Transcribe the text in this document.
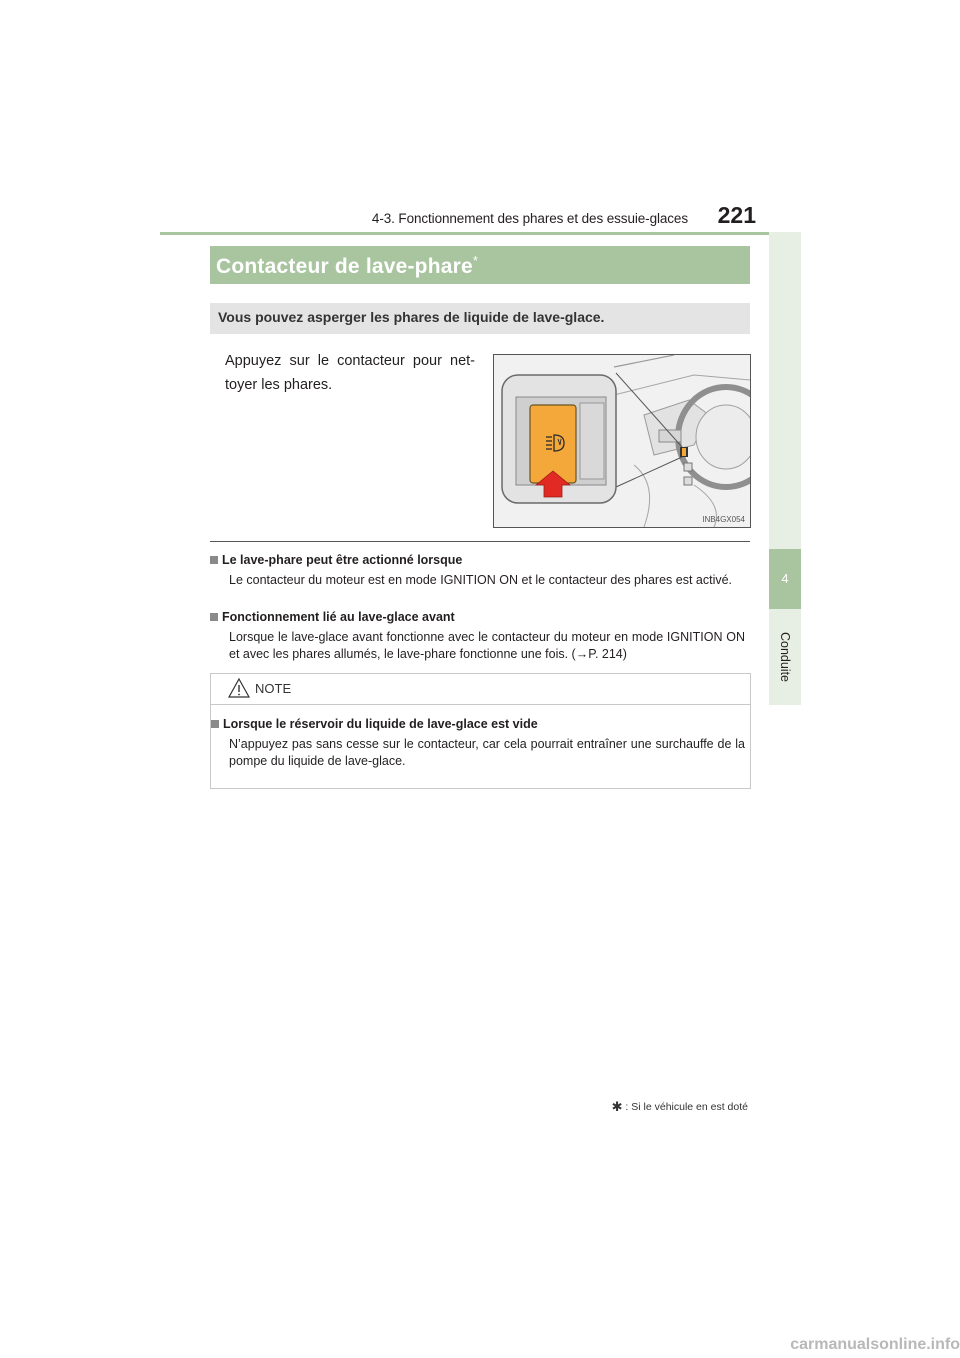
4-3. Fonctionnement des phares et des essuie-glaces 221
4
Conduite
Contacteur de lave-phare*
Vous pouvez asperger les phares de liquide de lave-glace.
Appuyez sur le contacteur pour net-toyer les phares.
INB4GX054
Le lave-phare peut être actionné lorsque
Le contacteur du moteur est en mode IGNITION ON et le contacteur des phares est activé.
Fonctionnement lié au lave-glace avant
Lorsque le lave-glace avant fonctionne avec le contacteur du moteur en mode IGNITION ON et avec les phares allumés, le lave-phare fonctionne une fois. (→P. 214)
NOTE
Lorsque le réservoir du liquide de lave-glace est vide
N’appuyez pas sans cesse sur le contacteur, car cela pourrait entraîner une surchauffe de la pompe du liquide de lave-glace.
✱ : Si le véhicule en est doté
carmanualsonline.info
